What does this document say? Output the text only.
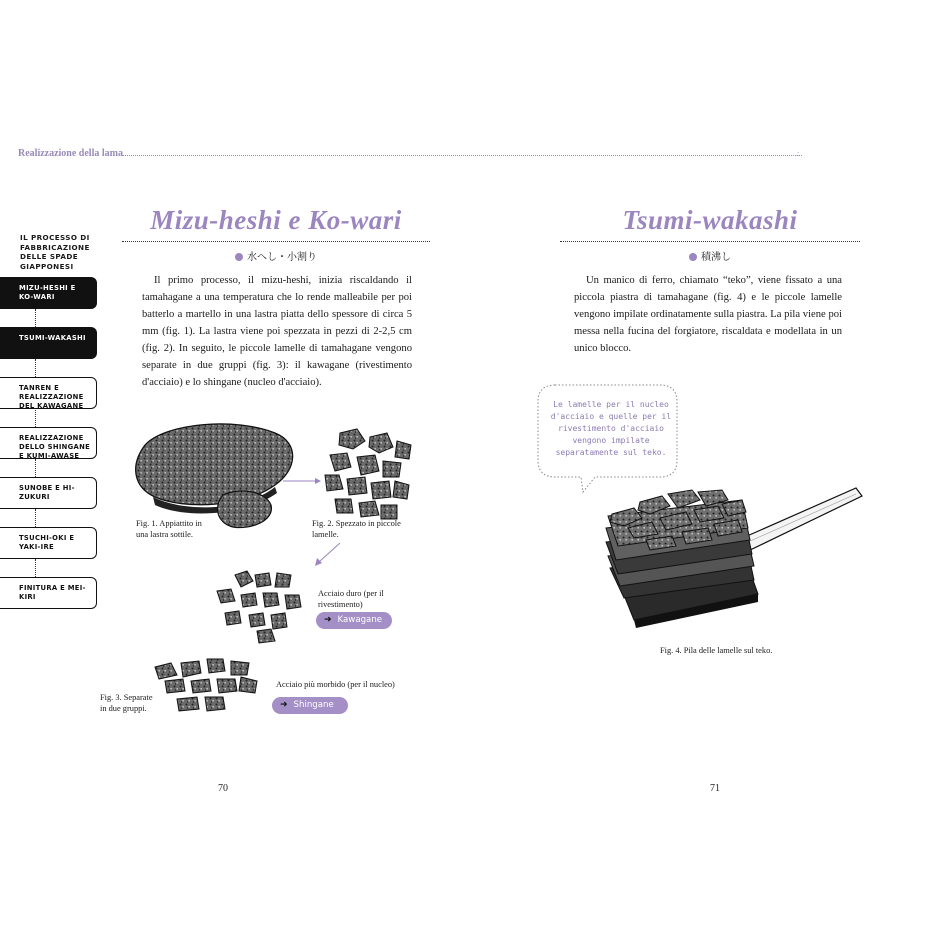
Realizzazione della lama	.:
IL PROCESSO DI FABBRICAZIONE DELLE SPADE GIAPPONESI
MIZU-HESHI E KO-WARI
TSUMI-WAKASHI
TANREN E REALIZZAZIONE DEL KAWAGANE
REALIZZAZIONE DELLO SHINGANE E KUMI-AWASE
SUNOBE E HI-ZUKURI
TSUCHI-OKI E YAKI-IRE
FINITURA E MEI-KIRI
Mizu-heshi e Ko-wari
水へし・小割り
Il primo processo, il mizu-heshi, inizia riscaldando il tamahagane a una temperatura che lo rende malleabile per poi batterlo a martello in una lastra piatta dello spessore di circa 5 mm (fig. 1). La lastra viene poi spezzata in pezzi di 2-2,5 cm (fig. 2). In seguito, le piccole lamelle di tamahagane vengono separate in due gruppi (fig. 3): il kawagane (rivestimento d'acciaio) e lo shingane (nucleo d'acciaio).
Fig. 1. Appiattito in una lastra sottile.
Fig. 2. Spezzato in piccole lamelle.
Acciaio duro (per il rivestimento)
➜ Kawagane
Acciaio più morbido (per il nucleo)
➜ Shingane
Fig. 3. Separate in due gruppi.
70
Tsumi-wakashi
積沸し
Un manico di ferro, chiamato “teko”, viene fissato a una piccola piastra di tamahagane (fig. 4) e le piccole lamelle vengono impilate ordinatamente sulla piastra. La pila viene poi messa nella fucina del forgiatore, riscaldata e modellata in un unico blocco.
Le lamelle per il nucleo d'acciaio e quelle per il rivestimento d'acciaio vengono impilate separatamente sul teko.
Fig. 4. Pila delle lamelle sul teko.
71
